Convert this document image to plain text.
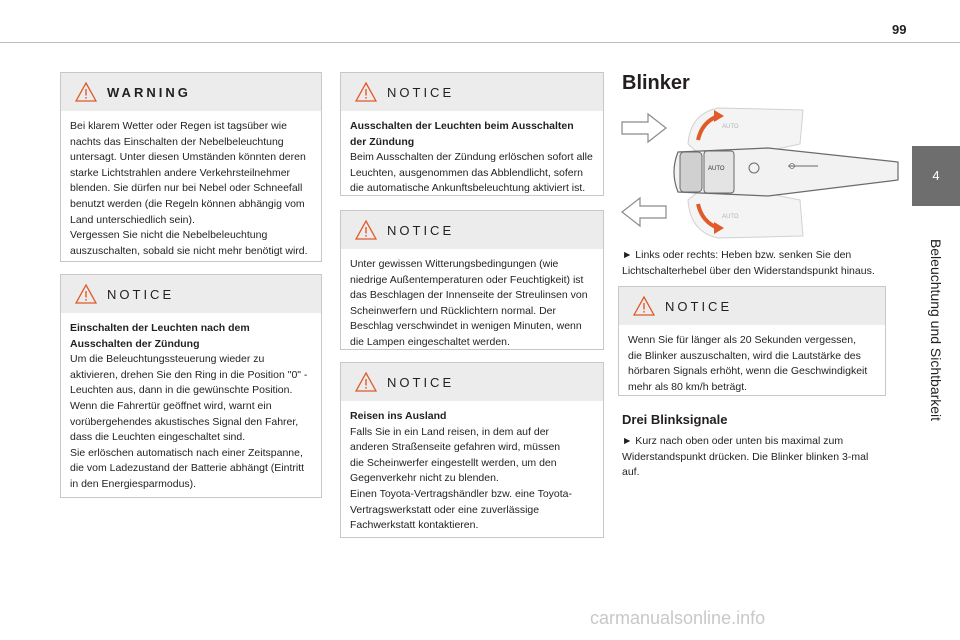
99
4
Beleuchtung und Sichtbarkeit
WARNING

Bei klarem Wetter oder Regen ist tagsüber wie

nachts das Einschalten der Nebelbeleuchtung

untersagt. Unter diesen Umständen könnten deren

starke Lichtstrahlen andere Verkehrsteilnehmer

blenden. Sie dürfen nur bei Nebel oder Schneefall

benutzt werden (die Regeln können abhängig vom

Land unterschiedlich sein).

Vergessen Sie nicht die Nebelbeleuchtung

auszuschalten, sobald sie nicht mehr benötigt wird.

NOTICE

Einschalten der Leuchten nach dem

Ausschalten der Zündung

Um die Beleuchtungssteuerung wieder zu

aktivieren, drehen Sie den Ring in die Position "0" -

Leuchten aus, dann in die gewünschte Position.

Wenn die Fahrertür geöffnet wird, warnt ein

vorübergehendes akustisches Signal den Fahrer,

dass die Leuchten eingeschaltet sind.

Sie erlöschen automatisch nach einer Zeitspanne,

die vom Ladezustand der Batterie abhängt (Eintritt

in den Energiesparmodus).

NOTICE

Ausschalten der Leuchten beim Ausschalten

der Zündung

Beim Ausschalten der Zündung erlöschen sofort alle

Leuchten, ausgenommen das Abblendlicht, sofern

die automatische Ankunftsbeleuchtung aktiviert ist.

NOTICE

Unter gewissen Witterungsbedingungen (wie

niedrige Außentemperaturen oder Feuchtigkeit) ist

das Beschlagen der Innenseite der Streulinsen von

Scheinwerfern und Rücklichtern normal. Der

Beschlag verschwindet in wenigen Minuten, wenn

die Lampen eingeschaltet werden.

NOTICE

Reisen ins Ausland

Falls Sie in ein Land reisen, in dem auf der

anderen Straßenseite gefahren wird, müssen

die Scheinwerfer eingestellt werden, um den

Gegenverkehr nicht zu blenden.

Einen Toyota-Vertragshändler bzw. eine Toyota-

Vertragswerkstatt oder eine zuverlässige

Fachwerkstatt kontaktieren.

Blinker
AUTO
AUTO
AUTO

► Links oder rechts: Heben bzw. senken Sie den

Lichtschalterhebel über den Widerstandspunkt hinaus.

NOTICE

Wenn Sie für länger als 20 Sekunden vergessen,

die Blinker auszuschalten, wird die Lautstärke des

hörbaren Signals erhöht, wenn die Geschwindigkeit

mehr als 80 km/h beträgt.

Drei Blinksignale

► Kurz nach oben oder unten bis maximal zum

Widerstandspunkt drücken. Die Blinker blinken 3-mal

auf.

carmanualsonline.info
